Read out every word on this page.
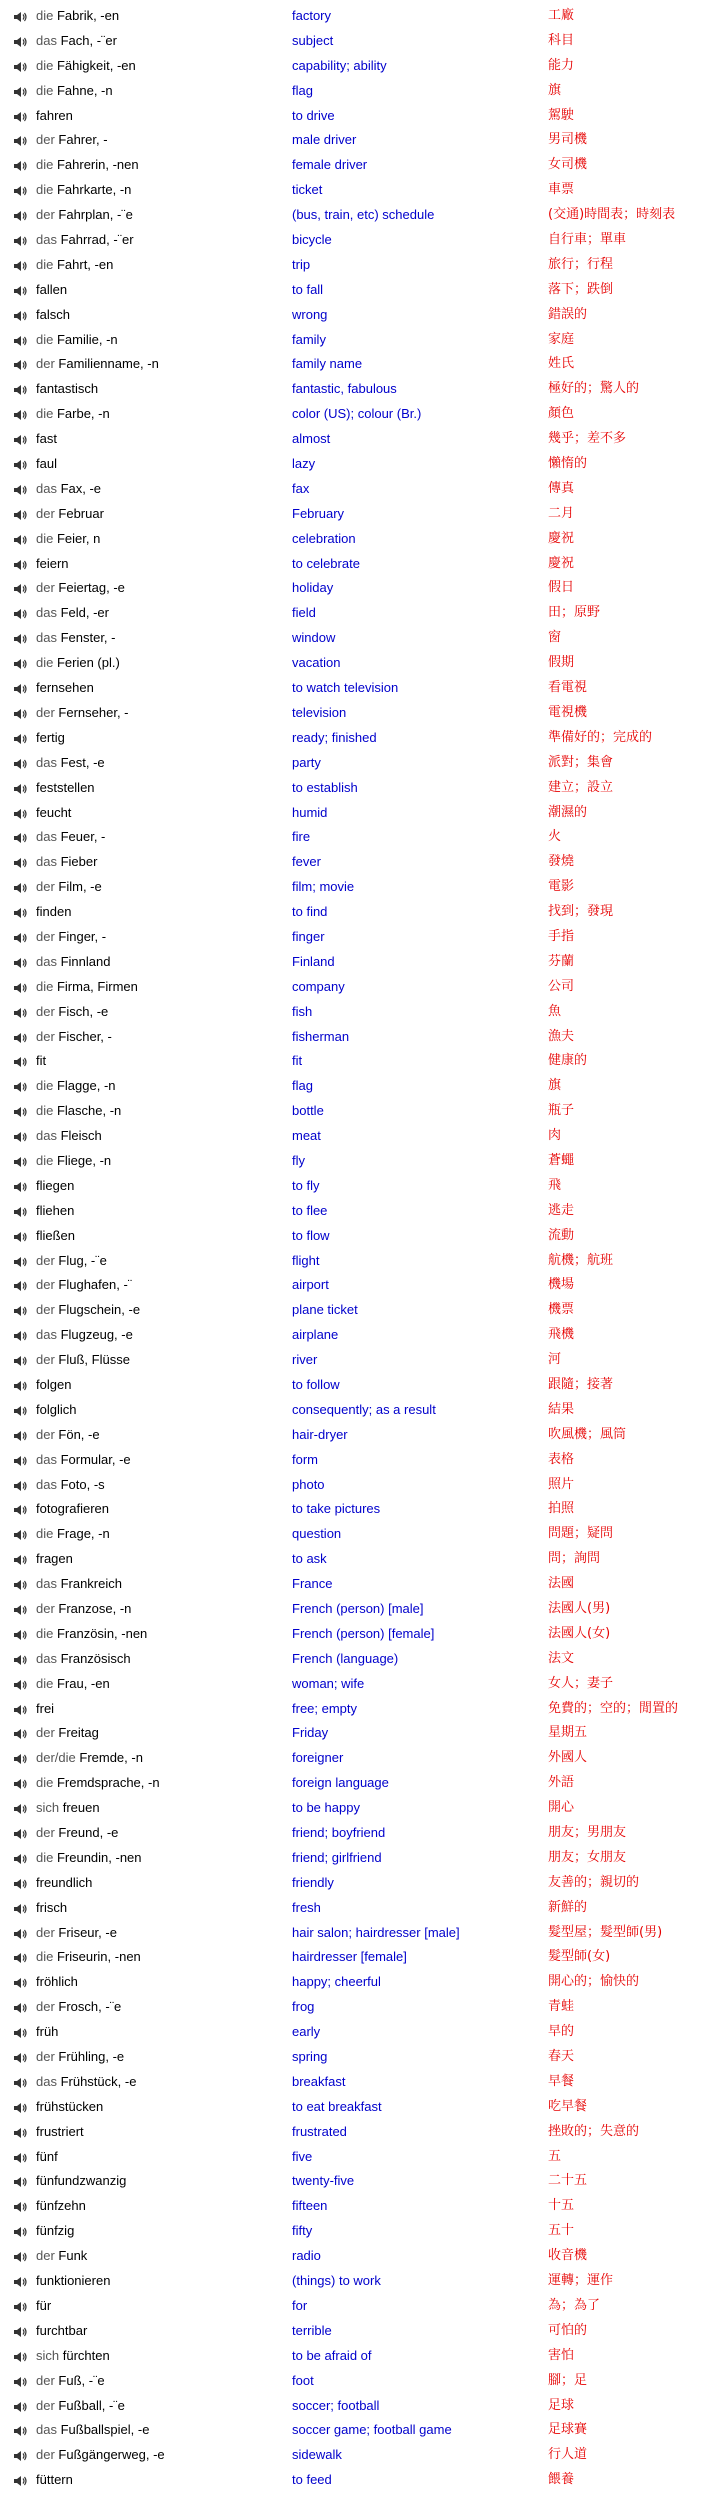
die Fabrik, -en	factory	工廠
das Fach, -¨er	subject	科目
die Fähigkeit, -en	capability; ability	能力
die Fahne, -n	flag	旗
fahren	to drive	駕駛
der Fahrer, -	male driver	男司機
die Fahrerin, -nen	female driver	女司機
die Fahrkarte, -n	ticket	車票
der Fahrplan, -¨e	(bus, train, etc) schedule	(交通)時間表；時刻表
das Fahrrad, -¨er	bicycle	自行車；單車
die Fahrt, -en	trip	旅行；行程
fallen	to fall	落下；跌倒
falsch	wrong	錯誤的
die Familie, -n	family	家庭
der Familienname, -n	family name	姓氏
fantastisch	fantastic, fabulous	極好的；驚人的
die Farbe, -n	color (US); colour (Br.)	顏色
fast	almost	幾乎；差不多
faul	lazy	懶惰的
das Fax, -e	fax	傳真
der Februar	February	二月
die Feier, n	celebration	慶祝
feiern	to celebrate	慶祝
der Feiertag, -e	holiday	假日
das Feld, -er	field	田；原野
das Fenster, -	window	窗
die Ferien (pl.)	vacation	假期
fernsehen	to watch television	看電視
der Fernseher, -	television	電視機
fertig	ready; finished	準備好的；完成的
das Fest, -e	party	派對；集會
feststellen	to establish	建立；設立
feucht	humid	潮濕的
das Feuer, -	fire	火
das Fieber	fever	發燒
der Film, -e	film; movie	電影
finden	to find	找到；發現
der Finger, -	finger	手指
das Finnland	Finland	芬蘭
die Firma, Firmen	company	公司
der Fisch, -e	fish	魚
der Fischer, -	fisherman	漁夫
fit	fit	健康的
die Flagge, -n	flag	旗
die Flasche, -n	bottle	瓶子
das Fleisch	meat	肉
die Fliege, -n	fly	蒼蠅
fliegen	to fly	飛
fliehen	to flee	逃走
fließen	to flow	流動
der Flug, -¨e	flight	航機；航班
der Flughafen, -¨	airport	機場
der Flugschein, -e	plane ticket	機票
das Flugzeug, -e	airplane	飛機
der Fluß, Flüsse	river	河
folgen	to follow	跟隨；接著
folglich	consequently; as a result	結果
der Fön, -e	hair-dryer	吹風機；風筒
das Formular, -e	form	表格
das Foto, -s	photo	照片
fotografieren	to take pictures	拍照
die Frage, -n	question	問題；疑問
fragen	to ask	問；詢問
das Frankreich	France	法國
der Franzose, -n	French (person) [male]	法國人(男)
die Französin, -nen	French (person) [female]	法國人(女)
das Französisch	French (language)	法文
die Frau, -en	woman; wife	女人；妻子
frei	free; empty	免費的；空的；閒置的
der Freitag	Friday	星期五
der/die Fremde, -n	foreigner	外國人
die Fremdsprache, -n	foreign language	外語
sich freuen	to be happy	開心
der Freund, -e	friend; boyfriend	朋友；男朋友
die Freundin, -nen	friend; girlfriend	朋友；女朋友
freundlich	friendly	友善的；親切的
frisch	fresh	新鮮的
der Friseur, -e	hair salon; hairdresser [male]	髮型屋；髮型師(男)
die Friseurin, -nen	hairdresser [female]	髮型師(女)
fröhlich	happy; cheerful	開心的；愉快的
der Frosch, -¨e	frog	青蛙
früh	early	早的
der Frühling, -e	spring	春天
das Frühstück, -e	breakfast	早餐
frühstücken	to eat breakfast	吃早餐
frustriert	frustrated	挫敗的；失意的
fünf	five	五
fünfundzwanzig	twenty-five	二十五
fünfzehn	fifteen	十五
fünfzig	fifty	五十
der Funk	radio	收音機
funktionieren	(things) to work	運轉；運作
für	for	為；為了
furchtbar	terrible	可怕的
sich fürchten	to be afraid of	害怕
der Fuß, -¨e	foot	腳；足
der Fußball, -¨e	soccer; football	足球
das Fußballspiel, -e	soccer game; football game	足球賽
der Fußgängerweg, -e	sidewalk	行人道
füttern	to feed	餵養
